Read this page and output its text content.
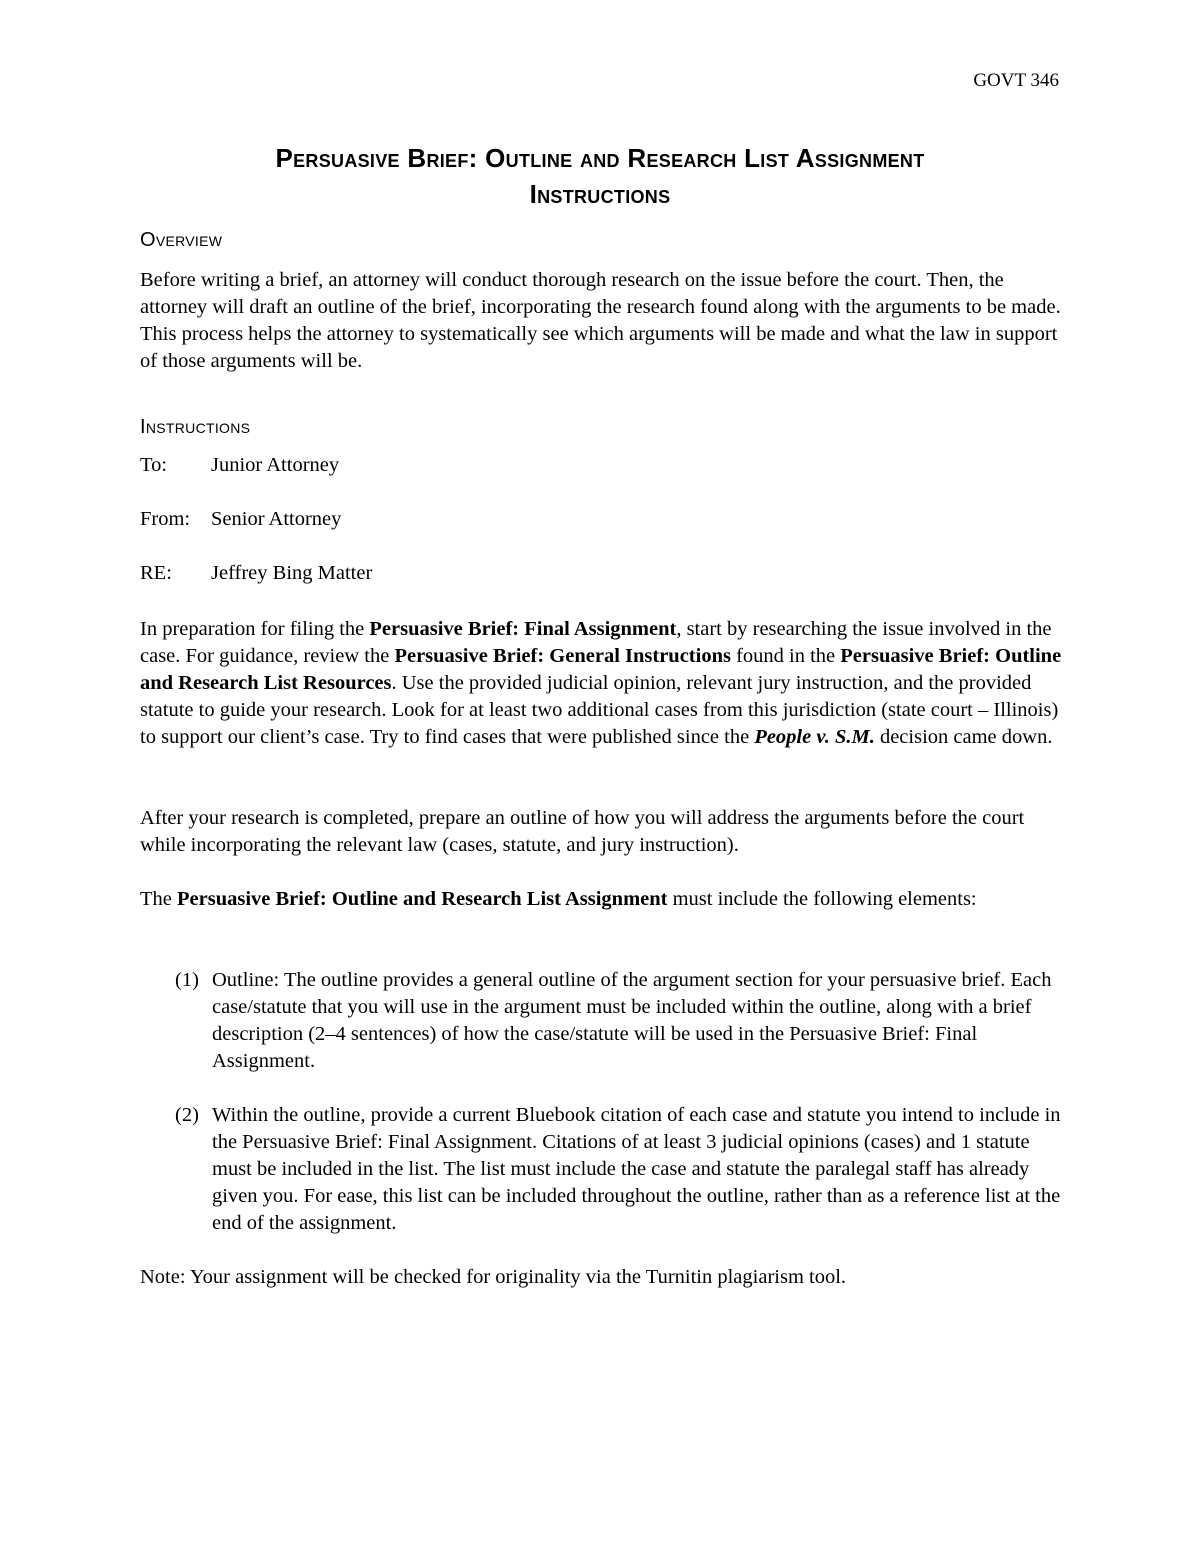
GOVT 346
Persuasive Brief: Outline and Research List Assignment
Instructions
Overview

Before writing a brief, an attorney will conduct thorough research on the issue before the court. Then, the attorney will draft an outline of the brief, incorporating the research found along with the arguments to be made. This process helps the attorney to systematically see which arguments will be made and what the law in support of those arguments will be.

Instructions
To: Junior Attorney
From: Senior Attorney
RE: Jeffrey Bing Matter

In preparation for filing the Persuasive Brief: Final Assignment, start by researching the issue involved in the case. For guidance, review the Persuasive Brief: General Instructions found in the Persuasive Brief: Outline and Research List Resources. Use the provided judicial opinion, relevant jury instruction, and the provided statute to guide your research. Look for at least two additional cases from this jurisdiction (state court – Illinois) to support our client’s case. Try to find cases that were published since the People v. S.M. decision came down.

After your research is completed, prepare an outline of how you will address the arguments before the court while incorporating the relevant law (cases, statute, and jury instruction).

The Persuasive Brief: Outline and Research List Assignment must include the following elements:

(1) Outline: The outline provides a general outline of the argument section for your persuasive brief. Each case/statute that you will use in the argument must be included within the outline, along with a brief description (2–4 sentences) of how the case/statute will be used in the Persuasive Brief: Final Assignment.
(2) Within the outline, provide a current Bluebook citation of each case and statute you intend to include in the Persuasive Brief: Final Assignment. Citations of at least 3 judicial opinions (cases) and 1 statute must be included in the list. The list must include the case and statute the paralegal staff has already given you. For ease, this list can be included throughout the outline, rather than as a reference list at the end of the assignment.

Note: Your assignment will be checked for originality via the Turnitin plagiarism tool.
